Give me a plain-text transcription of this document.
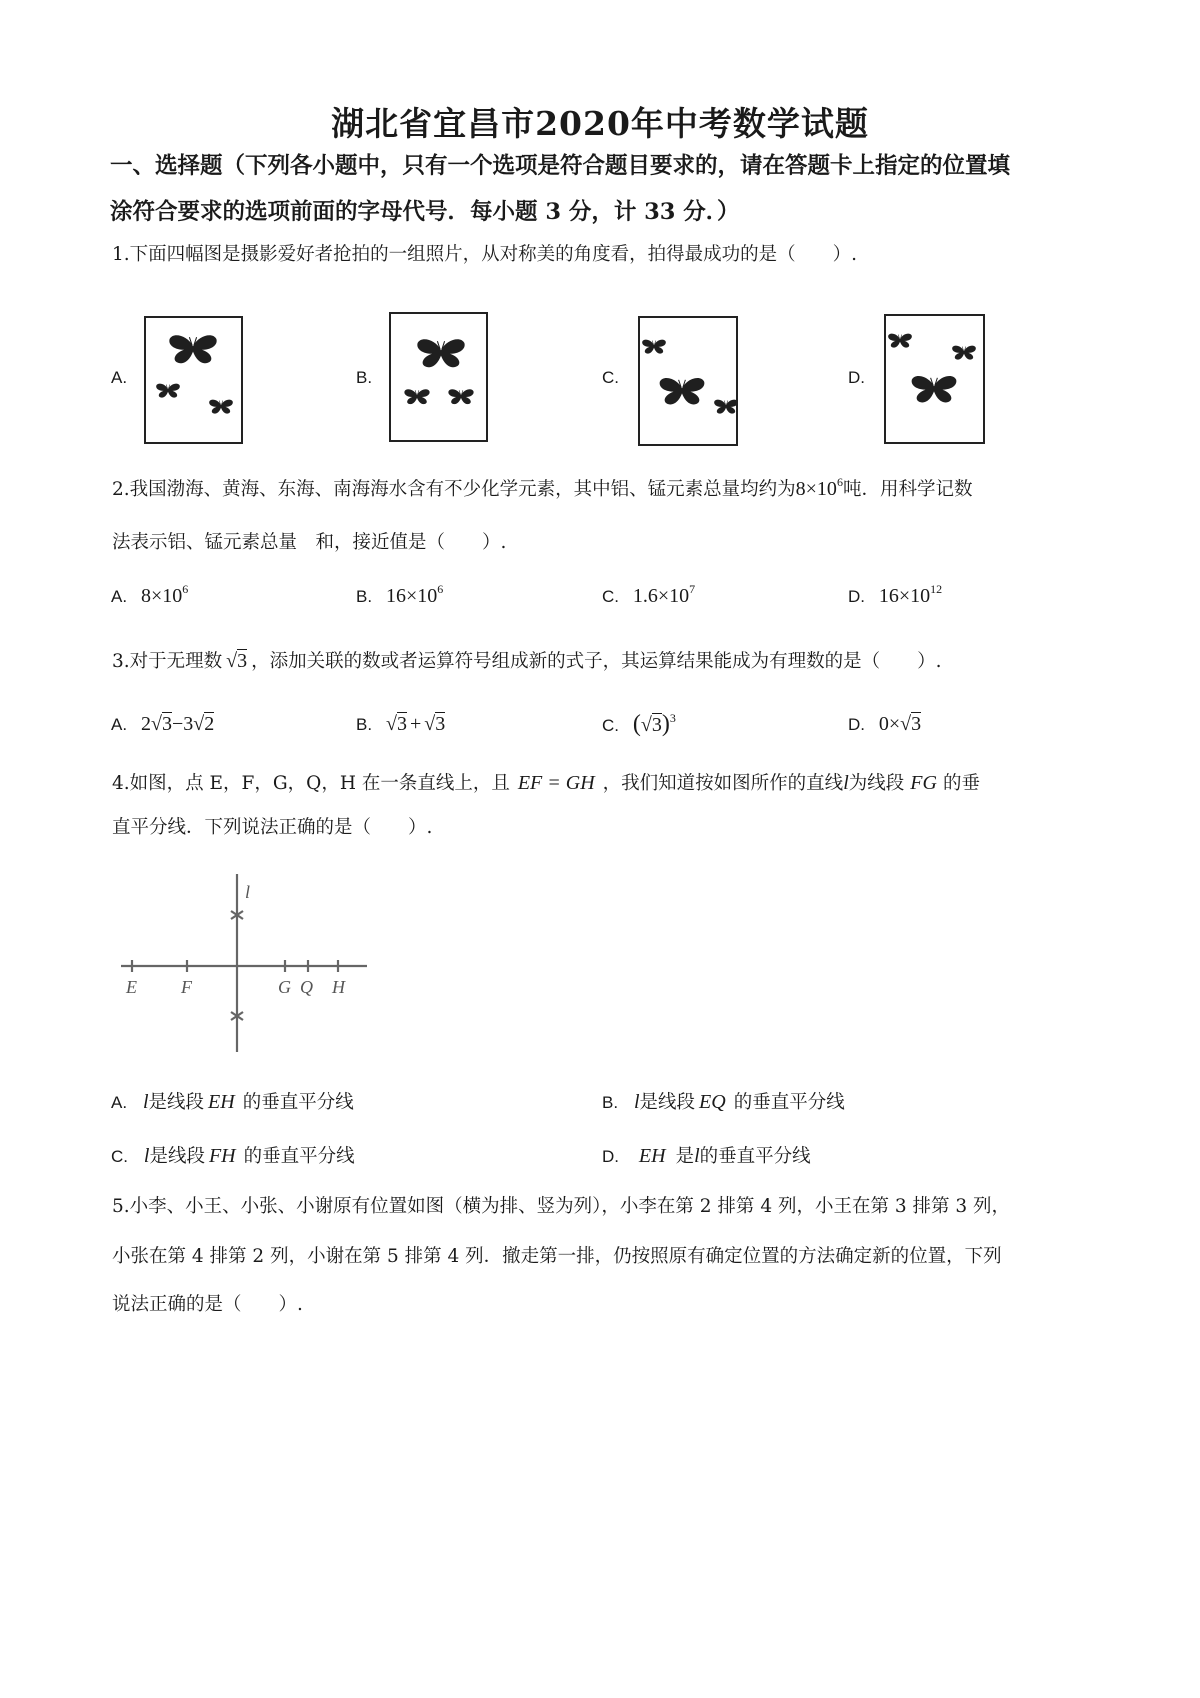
湖北省宜昌市2020年中考数学试题
一、选择题（下列各小题中，只有一个选项是符合题目要求的，请在答题卡上指定的位置填
涂符合要求的选项前面的字母代号．每小题 3 分，计 33 分．）
1.下面四幅图是摄影爱好者抢拍的一组照片，从对称美的角度看，拍得最成功的是（　　）.
A.	B.	C.	D.
2.我国渤海、黄海、东海、南海海水含有不少化学元素，其中铝、锰元素总量均约为$8\times 10^6$吨．用科学记数
法表示铝、锰元素总量　和，接近值是（　　）.
A. $8\times 10^6$	B. $16\times 10^6$	C. $1.6\times 10^7$	D. $16\times 10^{12}$
3.对于无理数 √3 ，添加关联的数或者运算符号组成新的式子，其运算结果能成为有理数的是（　　）.
A. 2√3−3√2	B. √3 + √3	C. $(√3)^3$	D. 0×√3
4.如图，点 E，F，G，Q，H 在一条直线上，且 EF = GH ，我们知道按如图所作的直线l为线段 FG 的垂
直平分线．下列说法正确的是（　　）.
l
E F	G Q H
A. l是线段 EH 的垂直平分线	B. l是线段 EQ 的垂直平分线
C. l是线段 FH 的垂直平分线	D. EH 是l的垂直平分线
5.小李、小王、小张、小谢原有位置如图（横为排、竖为列），小李在第 2 排第 4 列，小王在第 3 排第 3 列，
小张在第 4 排第 2 列，小谢在第 5 排第 4 列．撤走第一排，仍按照原有确定位置的方法确定新的位置，下列
说法正确的是（　　）.
